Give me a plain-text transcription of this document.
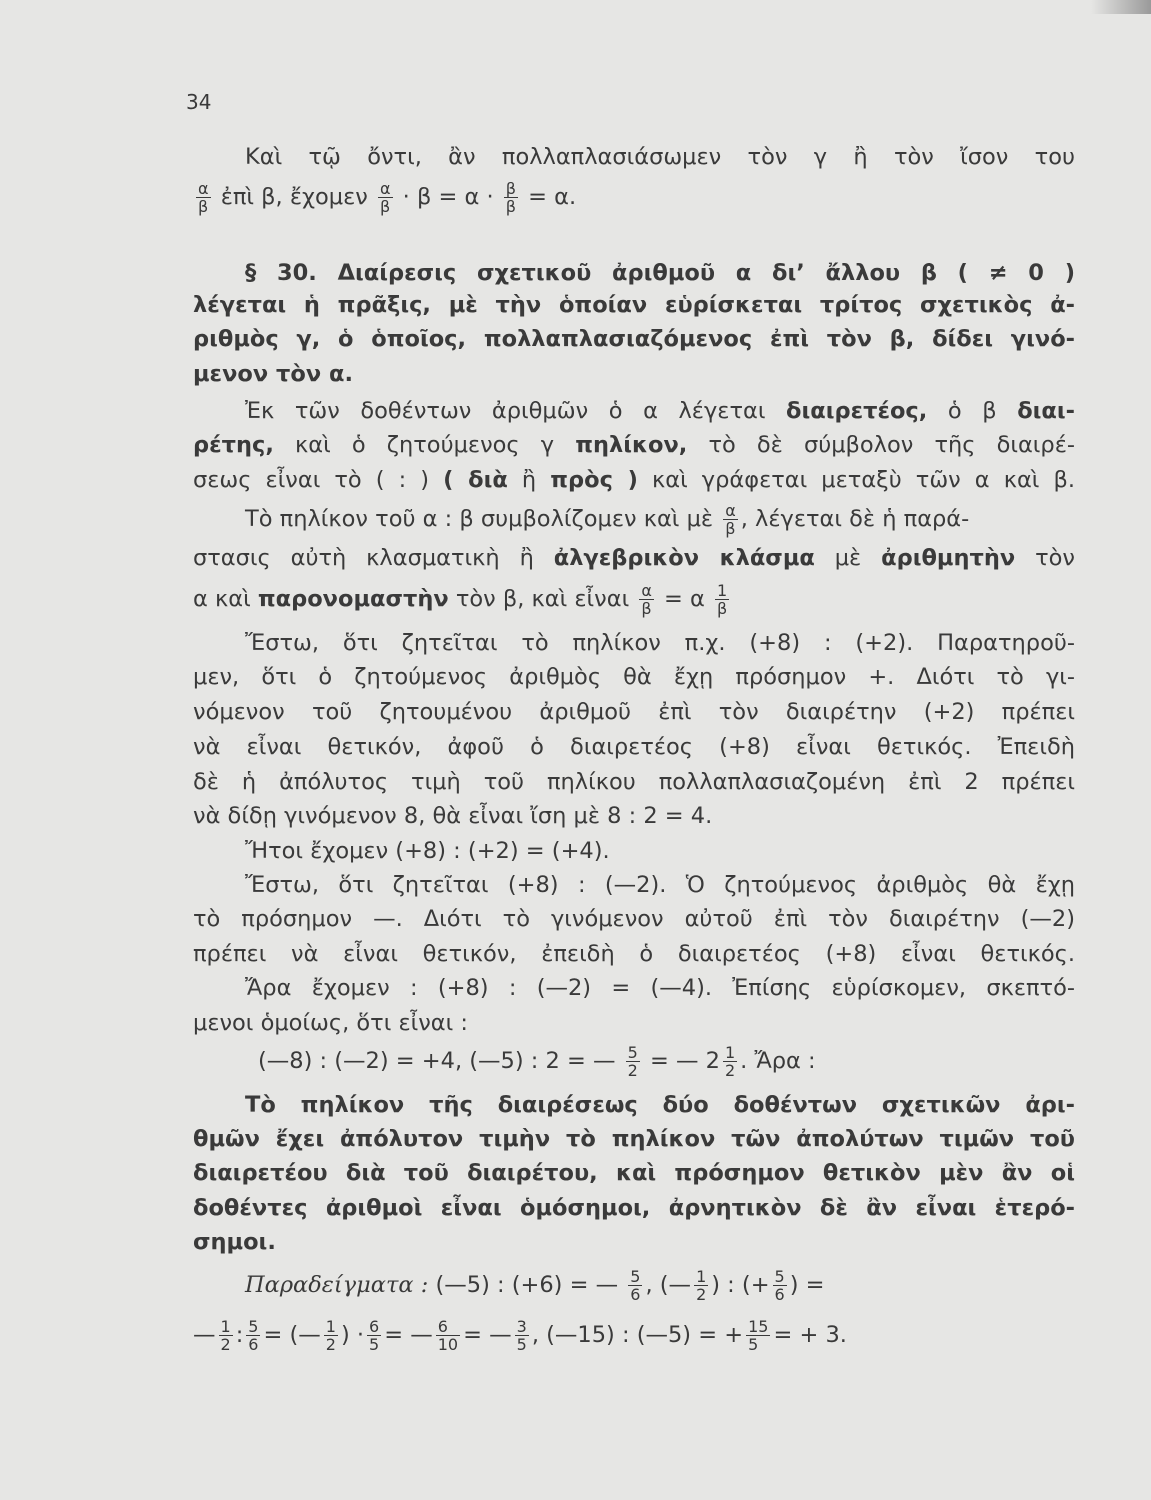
34
Καὶ τῷ ὄντι, ἂν πολλαπλασιάσωμεν τὸν γ ἢ τὸν ἴσον του
$\frac{\alpha}{\beta}$ ἐπὶ β, ἔχομεν $\frac{\alpha}{\beta} \cdot \beta = \alpha \cdot \frac{\beta}{\beta} = \alpha$.
§ 30. Διαίρεσις σχετικοῦ ἀριθμοῦ α δι’ ἄλλου β ( ≠ 0 )
λέγεται ἡ πρᾶξις, μὲ τὴν ὁποίαν εὑρίσκεται τρίτος σχετικὸς ἀ-
ριθμὸς γ, ὁ ὁποῖος, πολλαπλασιαζόμενος ἐπὶ τὸν β, δίδει γινό-
μενον τὸν α.
Ἐκ τῶν δοθέντων ἀριθμῶν ὁ α λέγεται διαιρετέος, ὁ β διαι-
ρέτης, καὶ ὁ ζητούμενος γ πηλίκον, τὸ δὲ σύμβολον τῆς διαιρέ-
σεως εἶναι τὸ ( : ) ( διὰ ἢ πρὸς ) καὶ γράφεται μεταξὺ τῶν α καὶ β.
Τὸ πηλίκον τοῦ α : β συμβολίζομεν καὶ μὲ $\frac{\alpha}{\beta}$ , λέγεται δὲ ἡ παρά-
στασις αὐτὴ κλασματικὴ ἢ ἀλγεβρικὸν κλάσμα μὲ ἀριθμητὴν τὸν
α καὶ παρονομαστὴν τὸν β, καὶ εἶναι $\frac{\alpha}{\beta} = \alpha \frac{1}{\beta}$
Ἔστω, ὅτι ζητεῖται τὸ πηλίκον π.χ. (+8) : (+2). Παρατηροῦ-
μεν, ὅτι ὁ ζητούμενος ἀριθμὸς θὰ ἔχῃ πρόσημον +. Διότι τὸ γι-
νόμενον τοῦ ζητουμένου ἀριθμοῦ ἐπὶ τὸν διαιρέτην (+2) πρέπει
νὰ εἶναι θετικόν, ἀφοῦ ὁ διαιρετέος (+8) εἶναι θετικός. Ἐπειδὴ
δὲ ἡ ἀπόλυτος τιμὴ τοῦ πηλίκου πολλαπλασιαζομένη ἐπὶ 2 πρέπει
νὰ δίδῃ γινόμενον 8, θὰ εἶναι ἴση μὲ 8 : 2 = 4.
Ἤτοι ἔχομεν (+8) : (+2) = (+4).
Ἔστω, ὅτι ζητεῖται (+8) : (—2). Ὁ ζητούμενος ἀριθμὸς θὰ ἔχῃ
τὸ πρόσημον —. Διότι τὸ γινόμενον αὐτοῦ ἐπὶ τὸν διαιρέτην (—2)
πρέπει νὰ εἶναι θετικόν, ἐπειδὴ ὁ διαιρετέος (+8) εἶναι θετικός.
Ἄρα ἔχομεν : (+8) : (—2) = (—4). Ἐπίσης εὑρίσκομεν, σκεπτό-
μενοι ὁμοίως, ὅτι εἶναι :
(—8) : (—2) = +4, (—5) : 2 = — $\frac{5}{2}$ = — $2 \frac{1}{2}$ . Ἄρα :
Τὸ πηλίκον τῆς διαιρέσεως δύο δοθέντων σχετικῶν ἀρι-
θμῶν ἔχει ἀπόλυτον τιμὴν τὸ πηλίκον τῶν ἀπολύτων τιμῶν τοῦ
διαιρετέου διὰ τοῦ διαιρέτου, καὶ πρόσημον θετικὸν μὲν ἂν οἱ
δοθέντες ἀριθμοὶ εἶναι ὁμόσημοι, ἀρνητικὸν δὲ ἂν εἶναι ἑτερό-
σημοι.
Παραδείγματα : (—5) : (+6) = — $\frac{5}{6}$ , (— $\frac{1}{2}$ ) : (+ $\frac{5}{6}$ ) =
— $\frac{1}{2}$ : $\frac{5}{6}$ = (— $\frac{1}{2}$ ) · $\frac{6}{5}$ = — $\frac{6}{10}$ = — $\frac{3}{5}$ , (—15) : (—5) = + $\frac{15}{5}$ = + 3.
